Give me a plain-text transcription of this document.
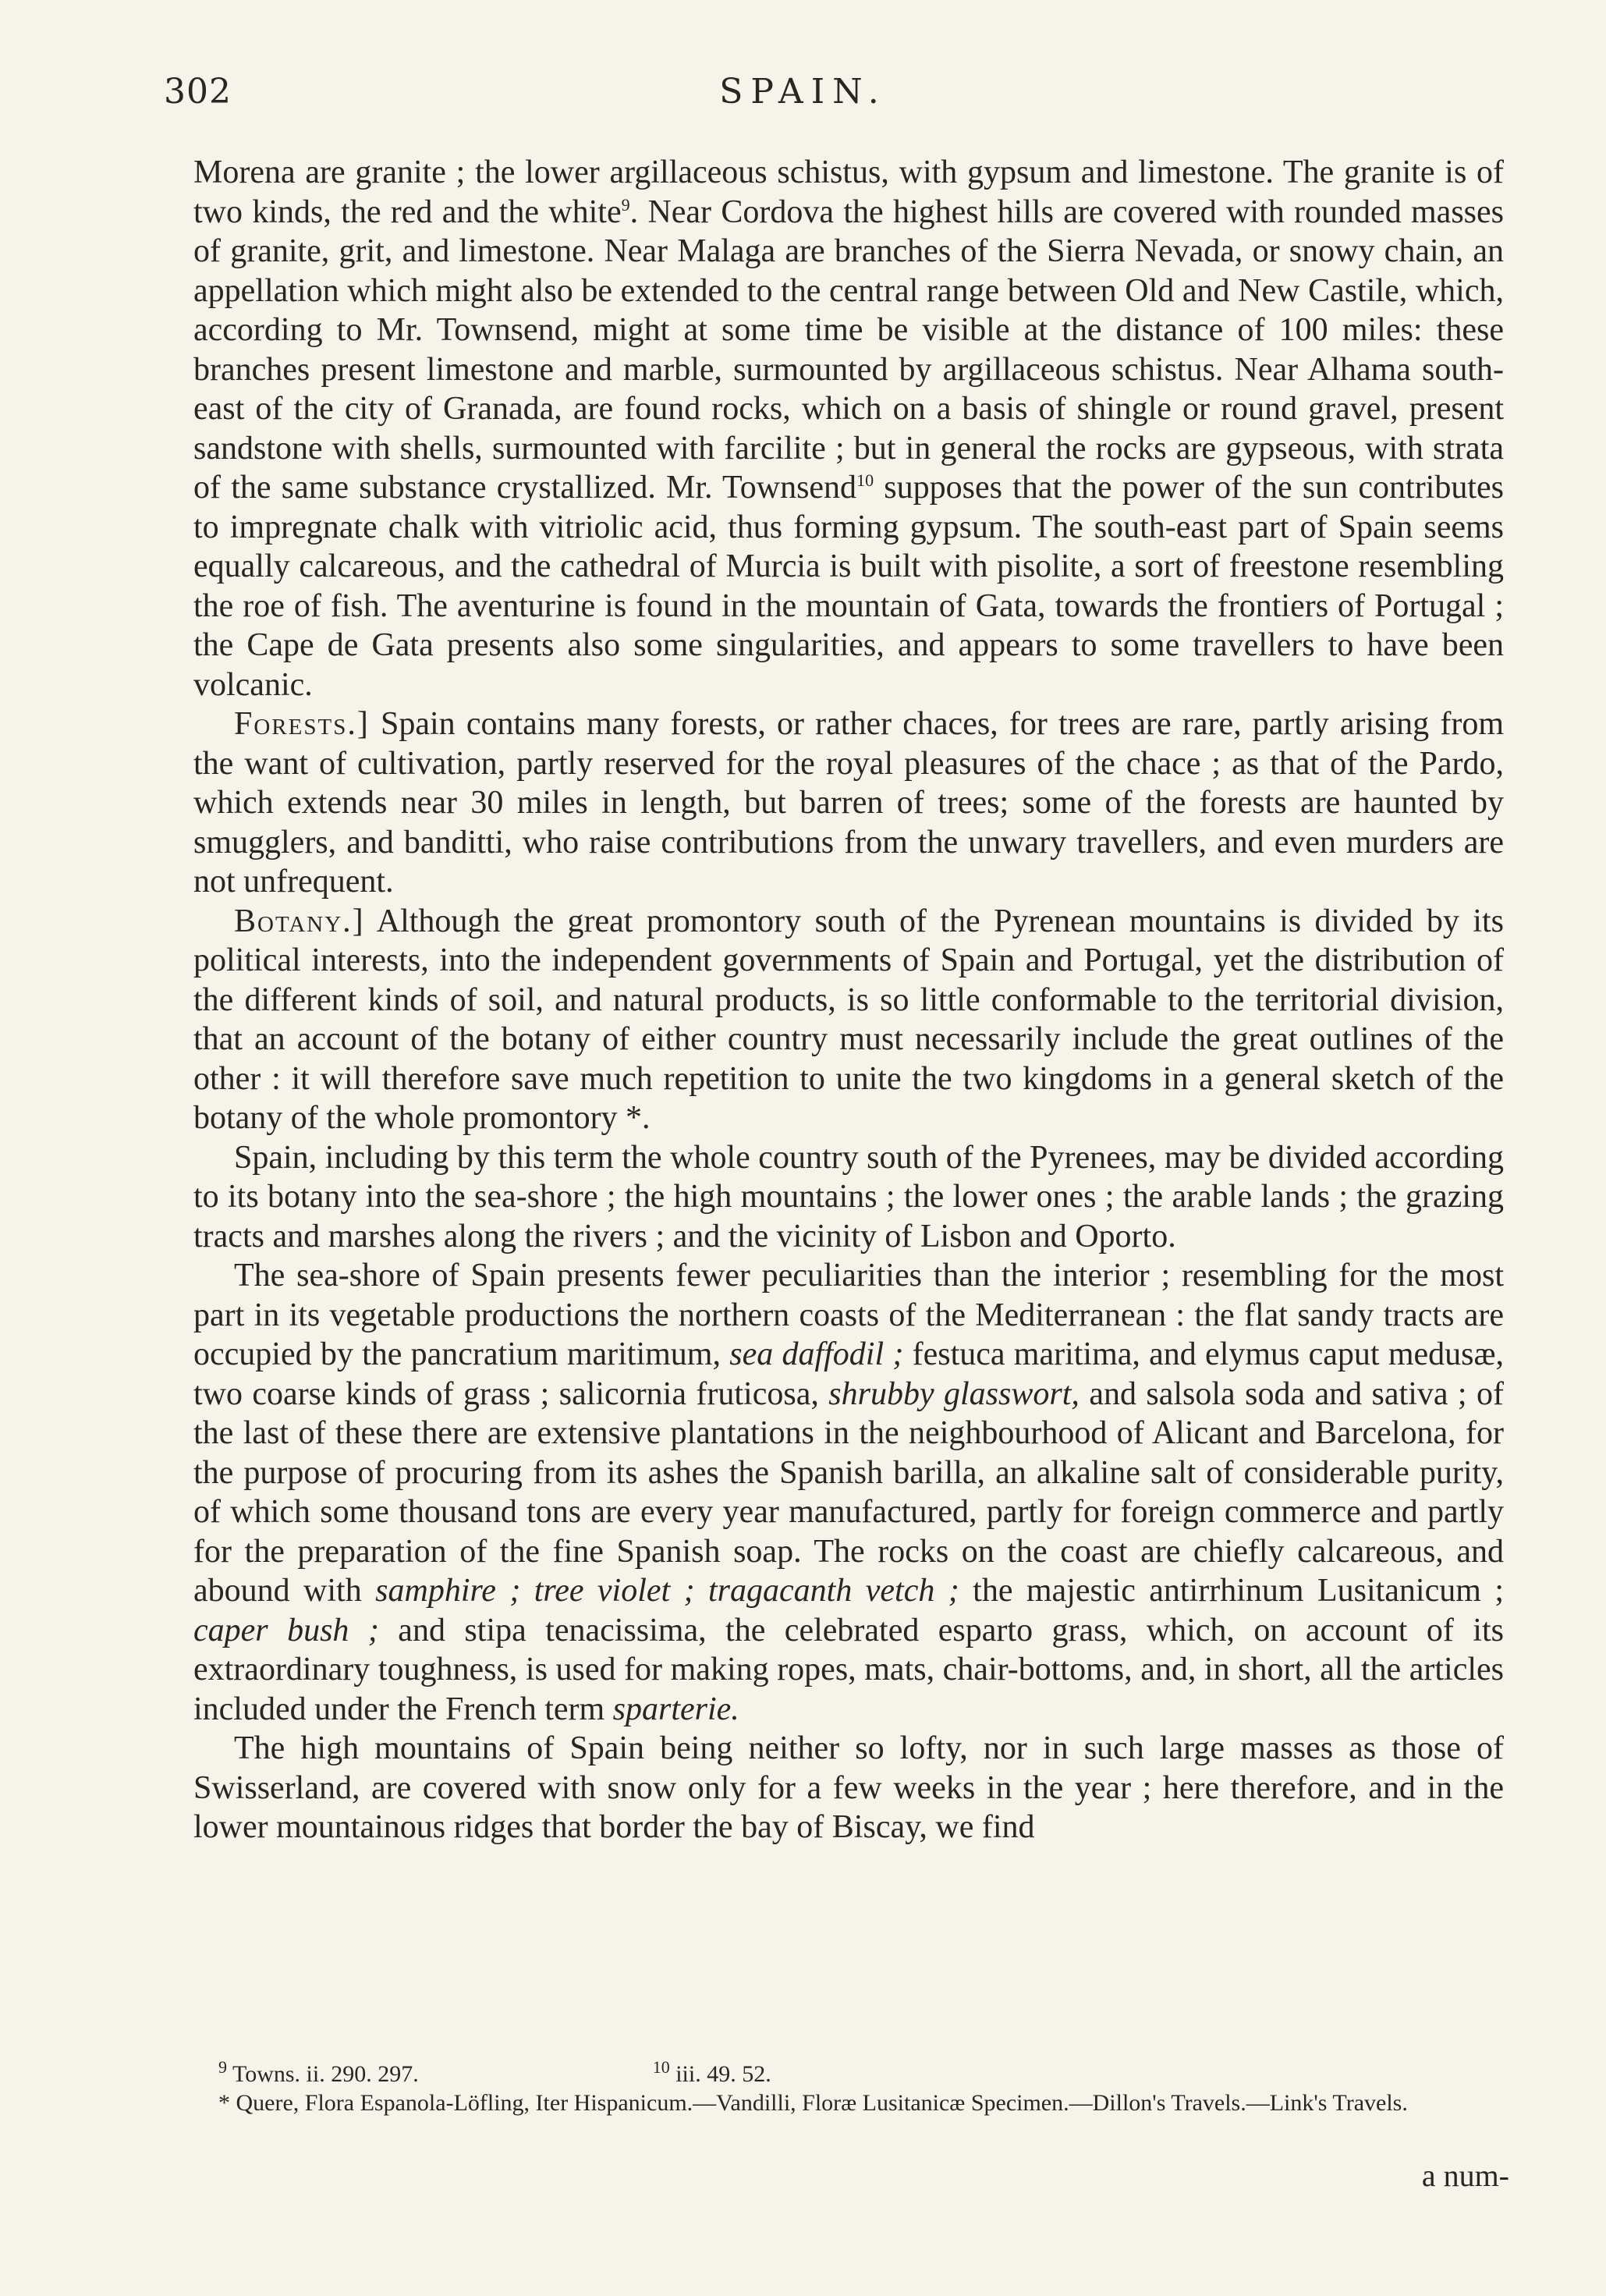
302	SPAIN.

Morena are granite ; the lower argillaceous schistus, with gypsum and limestone. The granite is of two kinds, the red and the white$^9$. Near Cordova the highest hills are covered with rounded masses of granite, grit, and limestone. Near Malaga are branches of the Sierra Nevada, or snowy chain, an appellation which might also be extended to the central range between Old and New Castile, which, according to Mr. Townsend, might at some time be visible at the distance of 100 miles: these branches present limestone and marble, surmounted by argillaceous schistus. Near Alhama south-east of the city of Granada, are found rocks, which on a basis of shingle or round gravel, present sandstone with shells, surmounted with farcilite ; but in general the rocks are gypseous, with strata of the same substance crystallized. Mr. Townsend$^{10}$ supposes that the power of the sun contributes to impregnate chalk with vitriolic acid, thus forming gypsum. The south-east part of Spain seems equally calcareous, and the cathedral of Murcia is built with pisolite, a sort of freestone resembling the roe of fish. The aventurine is found in the mountain of Gata, towards the frontiers of Portugal ; the Cape de Gata presents also some singularities, and appears to some travellers to have been volcanic.

Forests.] Spain contains many forests, or rather chaces, for trees are rare, partly arising from the want of cultivation, partly reserved for the royal pleasures of the chace ; as that of the Pardo, which extends near 30 miles in length, but barren of trees; some of the forests are haunted by smugglers, and banditti, who raise contributions from the unwary travellers, and even murders are not unfrequent.

Botany.] Although the great promontory south of the Pyrenean mountains is divided by its political interests, into the independent governments of Spain and Portugal, yet the distribution of the different kinds of soil, and natural products, is so little conformable to the territorial division, that an account of the botany of either country must necessarily include the great outlines of the other : it will therefore save much repetition to unite the two kingdoms in a general sketch of the botany of the whole promontory *.

Spain, including by this term the whole country south of the Pyrenees, may be divided according to its botany into the sea-shore ; the high mountains ; the lower ones ; the arable lands ; the grazing tracts and marshes along the rivers ; and the vicinity of Lisbon and Oporto.

The sea-shore of Spain presents fewer peculiarities than the interior ; resembling for the most part in its vegetable productions the northern coasts of the Mediterranean : the flat sandy tracts are occupied by the pancratium maritimum, sea daffodil ; festuca maritima, and elymus caput medusæ, two coarse kinds of grass ; salicornia fruticosa, shrubby glasswort, and salsola soda and sativa ; of the last of these there are extensive plantations in the neighbourhood of Alicant and Barcelona, for the purpose of procuring from its ashes the Spanish barilla, an alkaline salt of considerable purity, of which some thousand tons are every year manufactured, partly for foreign commerce and partly for the preparation of the fine Spanish soap. The rocks on the coast are chiefly calcareous, and abound with samphire ; tree violet ; tragacanth vetch ; the majestic antirrhinum Lusitanicum ; caper bush ; and stipa tenacissima, the celebrated esparto grass, which, on account of its extraordinary toughness, is used for making ropes, mats, chair-bottoms, and, in short, all the articles included under the French term sparterie.

The high mountains of Spain being neither so lofty, nor in such large masses as those of Swisserland, are covered with snow only for a few weeks in the year ; here therefore, and in the lower mountainous ridges that border the bay of Biscay, we find

$^9$ Towns. ii. 290. 297.	$^{10}$ iii. 49. 52.

* Quere, Flora Espanola-Löfling, Iter Hispanicum.—Vandilli, Floræ Lusitanicæ Specimen.—Dillon's Travels.—Link's Travels.

a num-
